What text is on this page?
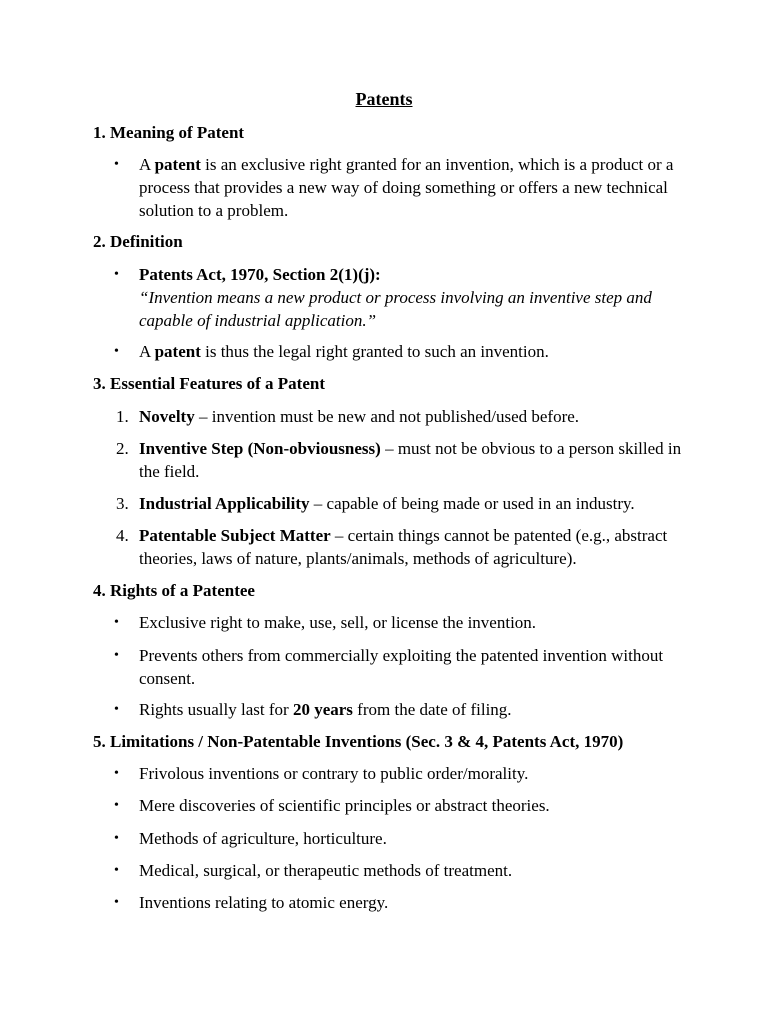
Patents
1. Meaning of Patent
• A patent is an exclusive right granted for an invention, which is a product or a process that provides a new way of doing something or offers a new technical solution to a problem.
2. Definition
• Patents Act, 1970, Section 2(1)(j):
“Invention means a new product or process involving an inventive step and capable of industrial application.”
• A patent is thus the legal right granted to such an invention.
3. Essential Features of a Patent
1. Novelty – invention must be new and not published/used before.
2. Inventive Step (Non-obviousness) – must not be obvious to a person skilled in the field.
3. Industrial Applicability – capable of being made or used in an industry.
4. Patentable Subject Matter – certain things cannot be patented (e.g., abstract theories, laws of nature, plants/animals, methods of agriculture).
4. Rights of a Patentee
• Exclusive right to make, use, sell, or license the invention.
• Prevents others from commercially exploiting the patented invention without consent.
• Rights usually last for 20 years from the date of filing.
5. Limitations / Non-Patentable Inventions (Sec. 3 & 4, Patents Act, 1970)
• Frivolous inventions or contrary to public order/morality.
• Mere discoveries of scientific principles or abstract theories.
• Methods of agriculture, horticulture.
• Medical, surgical, or therapeutic methods of treatment.
• Inventions relating to atomic energy.
